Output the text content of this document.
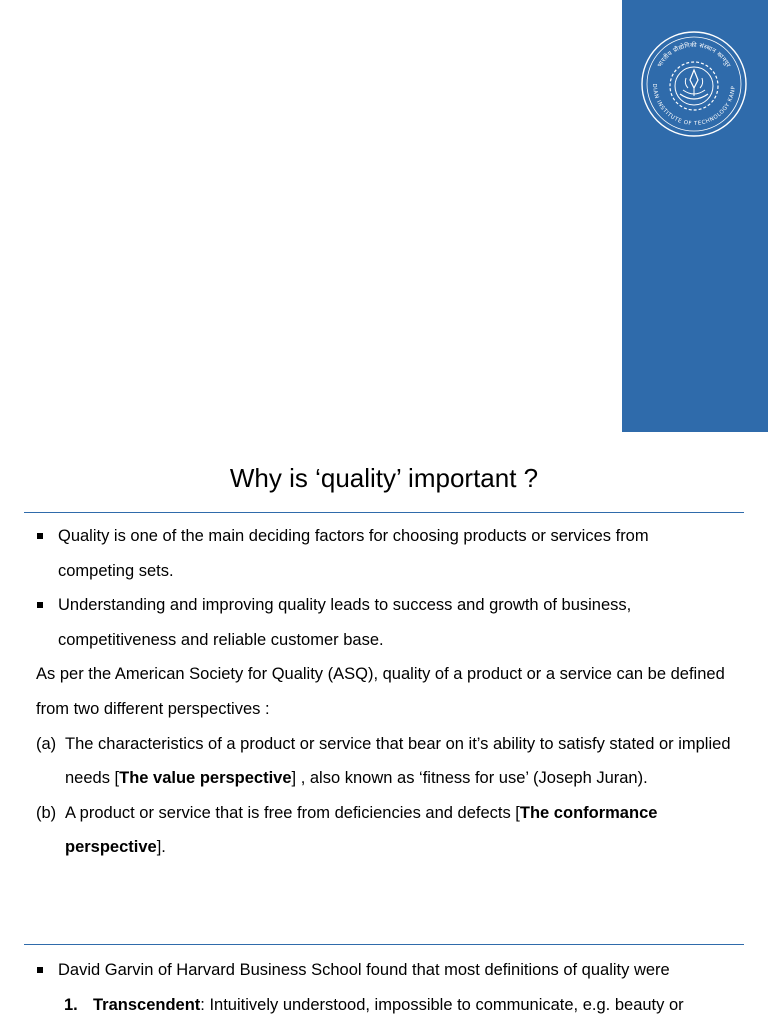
भारतीय प्रौद्योगिकी संस्थान कानपुर
DIAN INSTITUTE OF TECHNOLOGY KANP
Why is ‘quality’ important ?
Quality is one of the main deciding factors for choosing products or services from competing sets.
Understanding and improving quality leads to success and growth of business, competitiveness and reliable customer base.
As per the American Society for Quality (ASQ), quality of a product or a service can be defined from two different perspectives :
(a) The characteristics of a product or service that bear on it’s ability to satisfy stated or implied needs [The value perspective] , also known as ‘fitness for use’ (Joseph Juran).
(b) A product or service that is free from deficiencies and defects [The conformance perspective].
David Garvin of Harvard Business School found that most definitions of quality were
1. Transcendent: Intuitively understood, impossible to communicate, e.g. beauty or
